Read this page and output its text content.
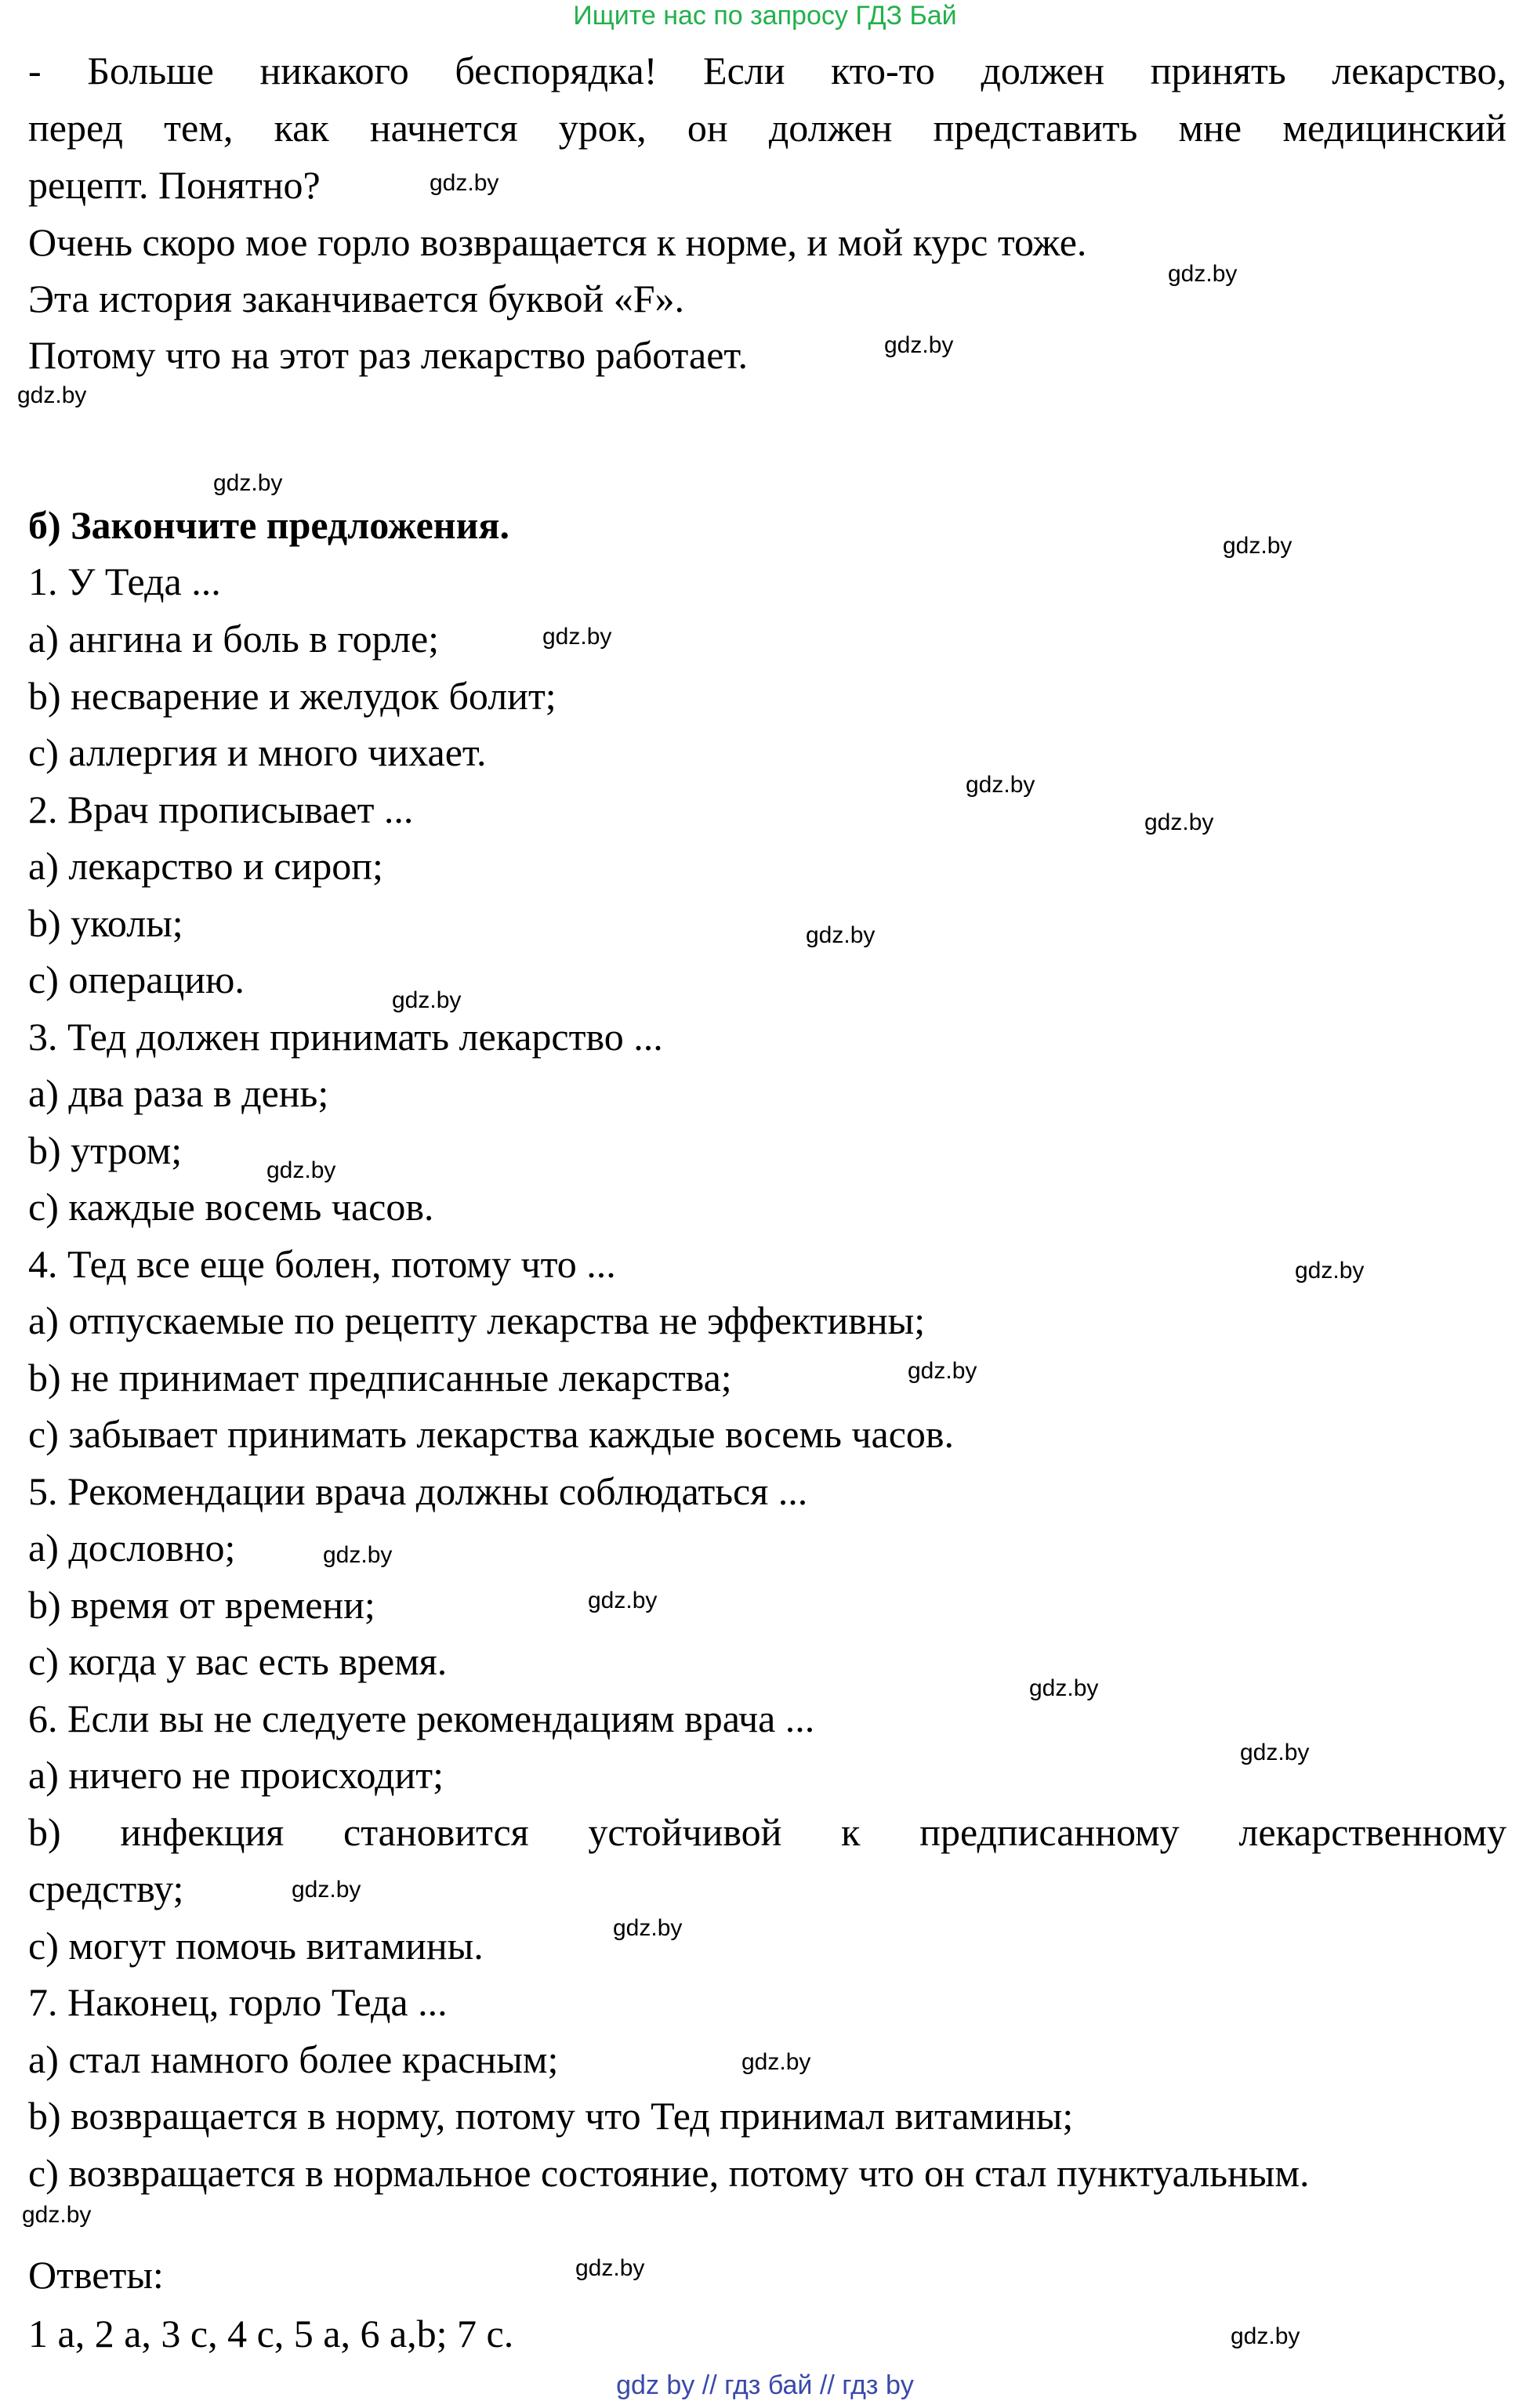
Ищите нас по запросу ГДЗ Бай
- Больше никакого беспорядка! Если кто-то должен принять лекарство,
перед тем, как начнется урок, он должен представить мне медицинский
рецепт. Понятно?
Очень скоро мое горло возвращается к норме, и мой курс тоже.
Эта история заканчивается буквой «F».
Потому что на этот раз лекарство работает.
б) Закончите предложения.
1. У Теда ...
а) ангина и боль в горле;
b) несварение и желудок болит;
с) аллергия и много чихает.
2. Врач прописывает ...
а) лекарство и сироп;
b) уколы;
с) операцию.
3. Тед должен принимать лекарство ...
а) два раза в день;
b) утром;
с) каждые восемь часов.
4. Тед все еще болен, потому что ...
а) отпускаемые по рецепту лекарства не эффективны;
b) не принимает предписанные лекарства;
с) забывает принимать лекарства каждые восемь часов.
5. Рекомендации врача должны соблюдаться ...
а) дословно;
b) время от времени;
с) когда у вас есть время.
6. Если вы не следуете рекомендациям врача ...
а) ничего не происходит;
b) инфекция становится устойчивой к предписанному лекарственному
средству;
с) могут помочь витамины.
7. Наконец, горло Теда ...
а) стал намного более красным;
b) возвращается в норму, потому что Тед принимал витамины;
с) возвращается в нормальное состояние, потому что он стал пунктуальным.
Ответы:
1 а, 2 а, 3 с, 4 с, 5 а, 6 а,b; 7 с.
gdz.by
gdz.by
gdz.by
gdz.by
gdz.by
gdz.by
gdz.by
gdz.by
gdz.by
gdz.by
gdz.by
gdz.by
gdz.by
gdz.by
gdz.by
gdz.by
gdz.by
gdz.by
gdz.by
gdz.by
gdz.by
gdz.by
gdz.by
gdz.by
gdz by // гдз бай // гдз by
